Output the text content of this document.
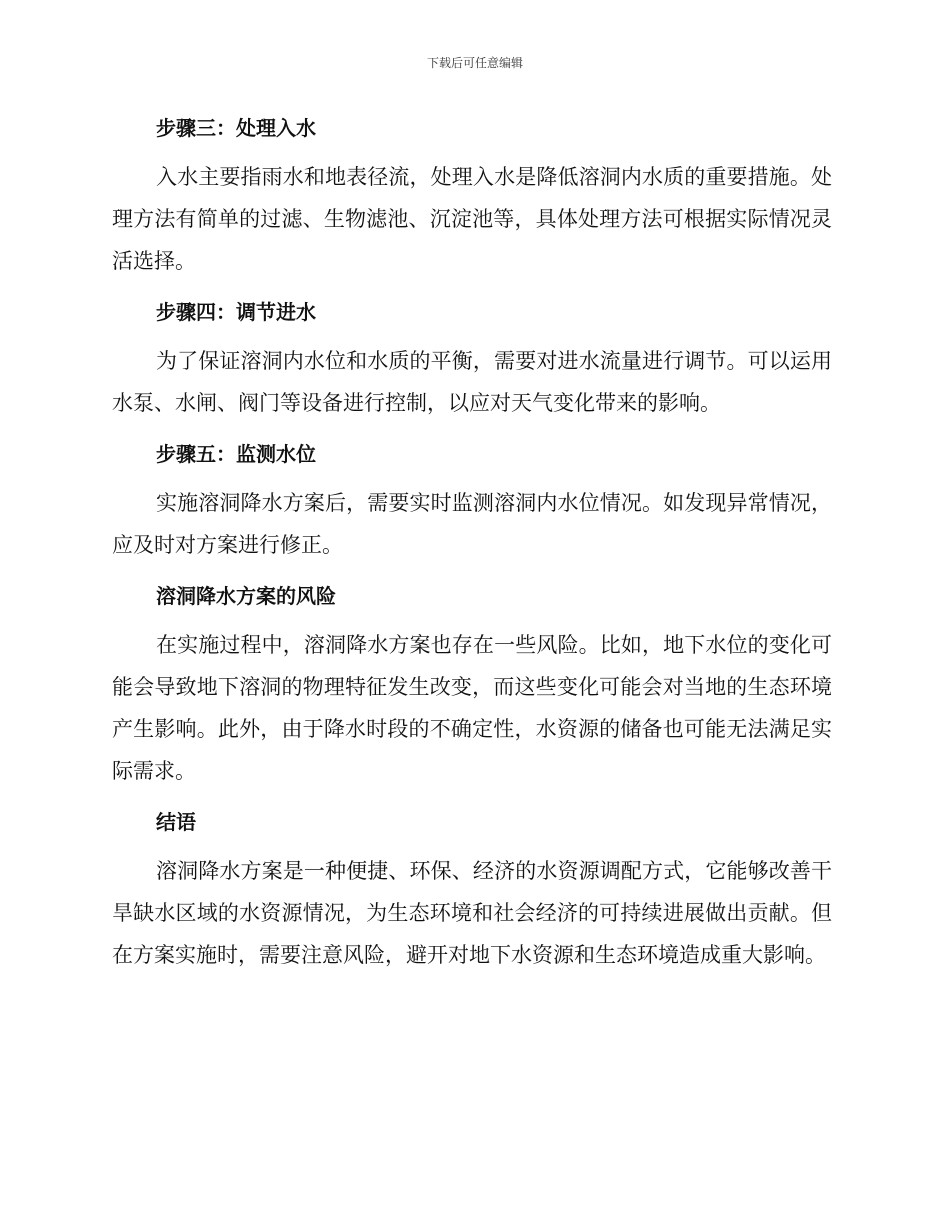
下载后可任意编辑
步骤三：处理入水

入水主要指雨水和地表径流，处理入水是降低溶洞内水质的重要措施。处理方法有简单的过滤、生物滤池、沉淀池等，具体处理方法可根据实际情况灵活选择。

步骤四：调节进水

为了保证溶洞内水位和水质的平衡，需要对进水流量进行调节。可以运用水泵、水闸、阀门等设备进行控制，以应对天气变化带来的影响。

步骤五：监测水位

实施溶洞降水方案后，需要实时监测溶洞内水位情况。如发现异常情况，应及时对方案进行修正。

溶洞降水方案的风险

在实施过程中，溶洞降水方案也存在一些风险。比如，地下水位的变化可能会导致地下溶洞的物理特征发生改变，而这些变化可能会对当地的生态环境产生影响。此外，由于降水时段的不确定性，水资源的储备也可能无法满足实际需求。

结语

溶洞降水方案是一种便捷、环保、经济的水资源调配方式，它能够改善干旱缺水区域的水资源情况，为生态环境和社会经济的可持续进展做出贡献。但在方案实施时，需要注意风险，避开对地下水资源和生态环境造成重大影响。
